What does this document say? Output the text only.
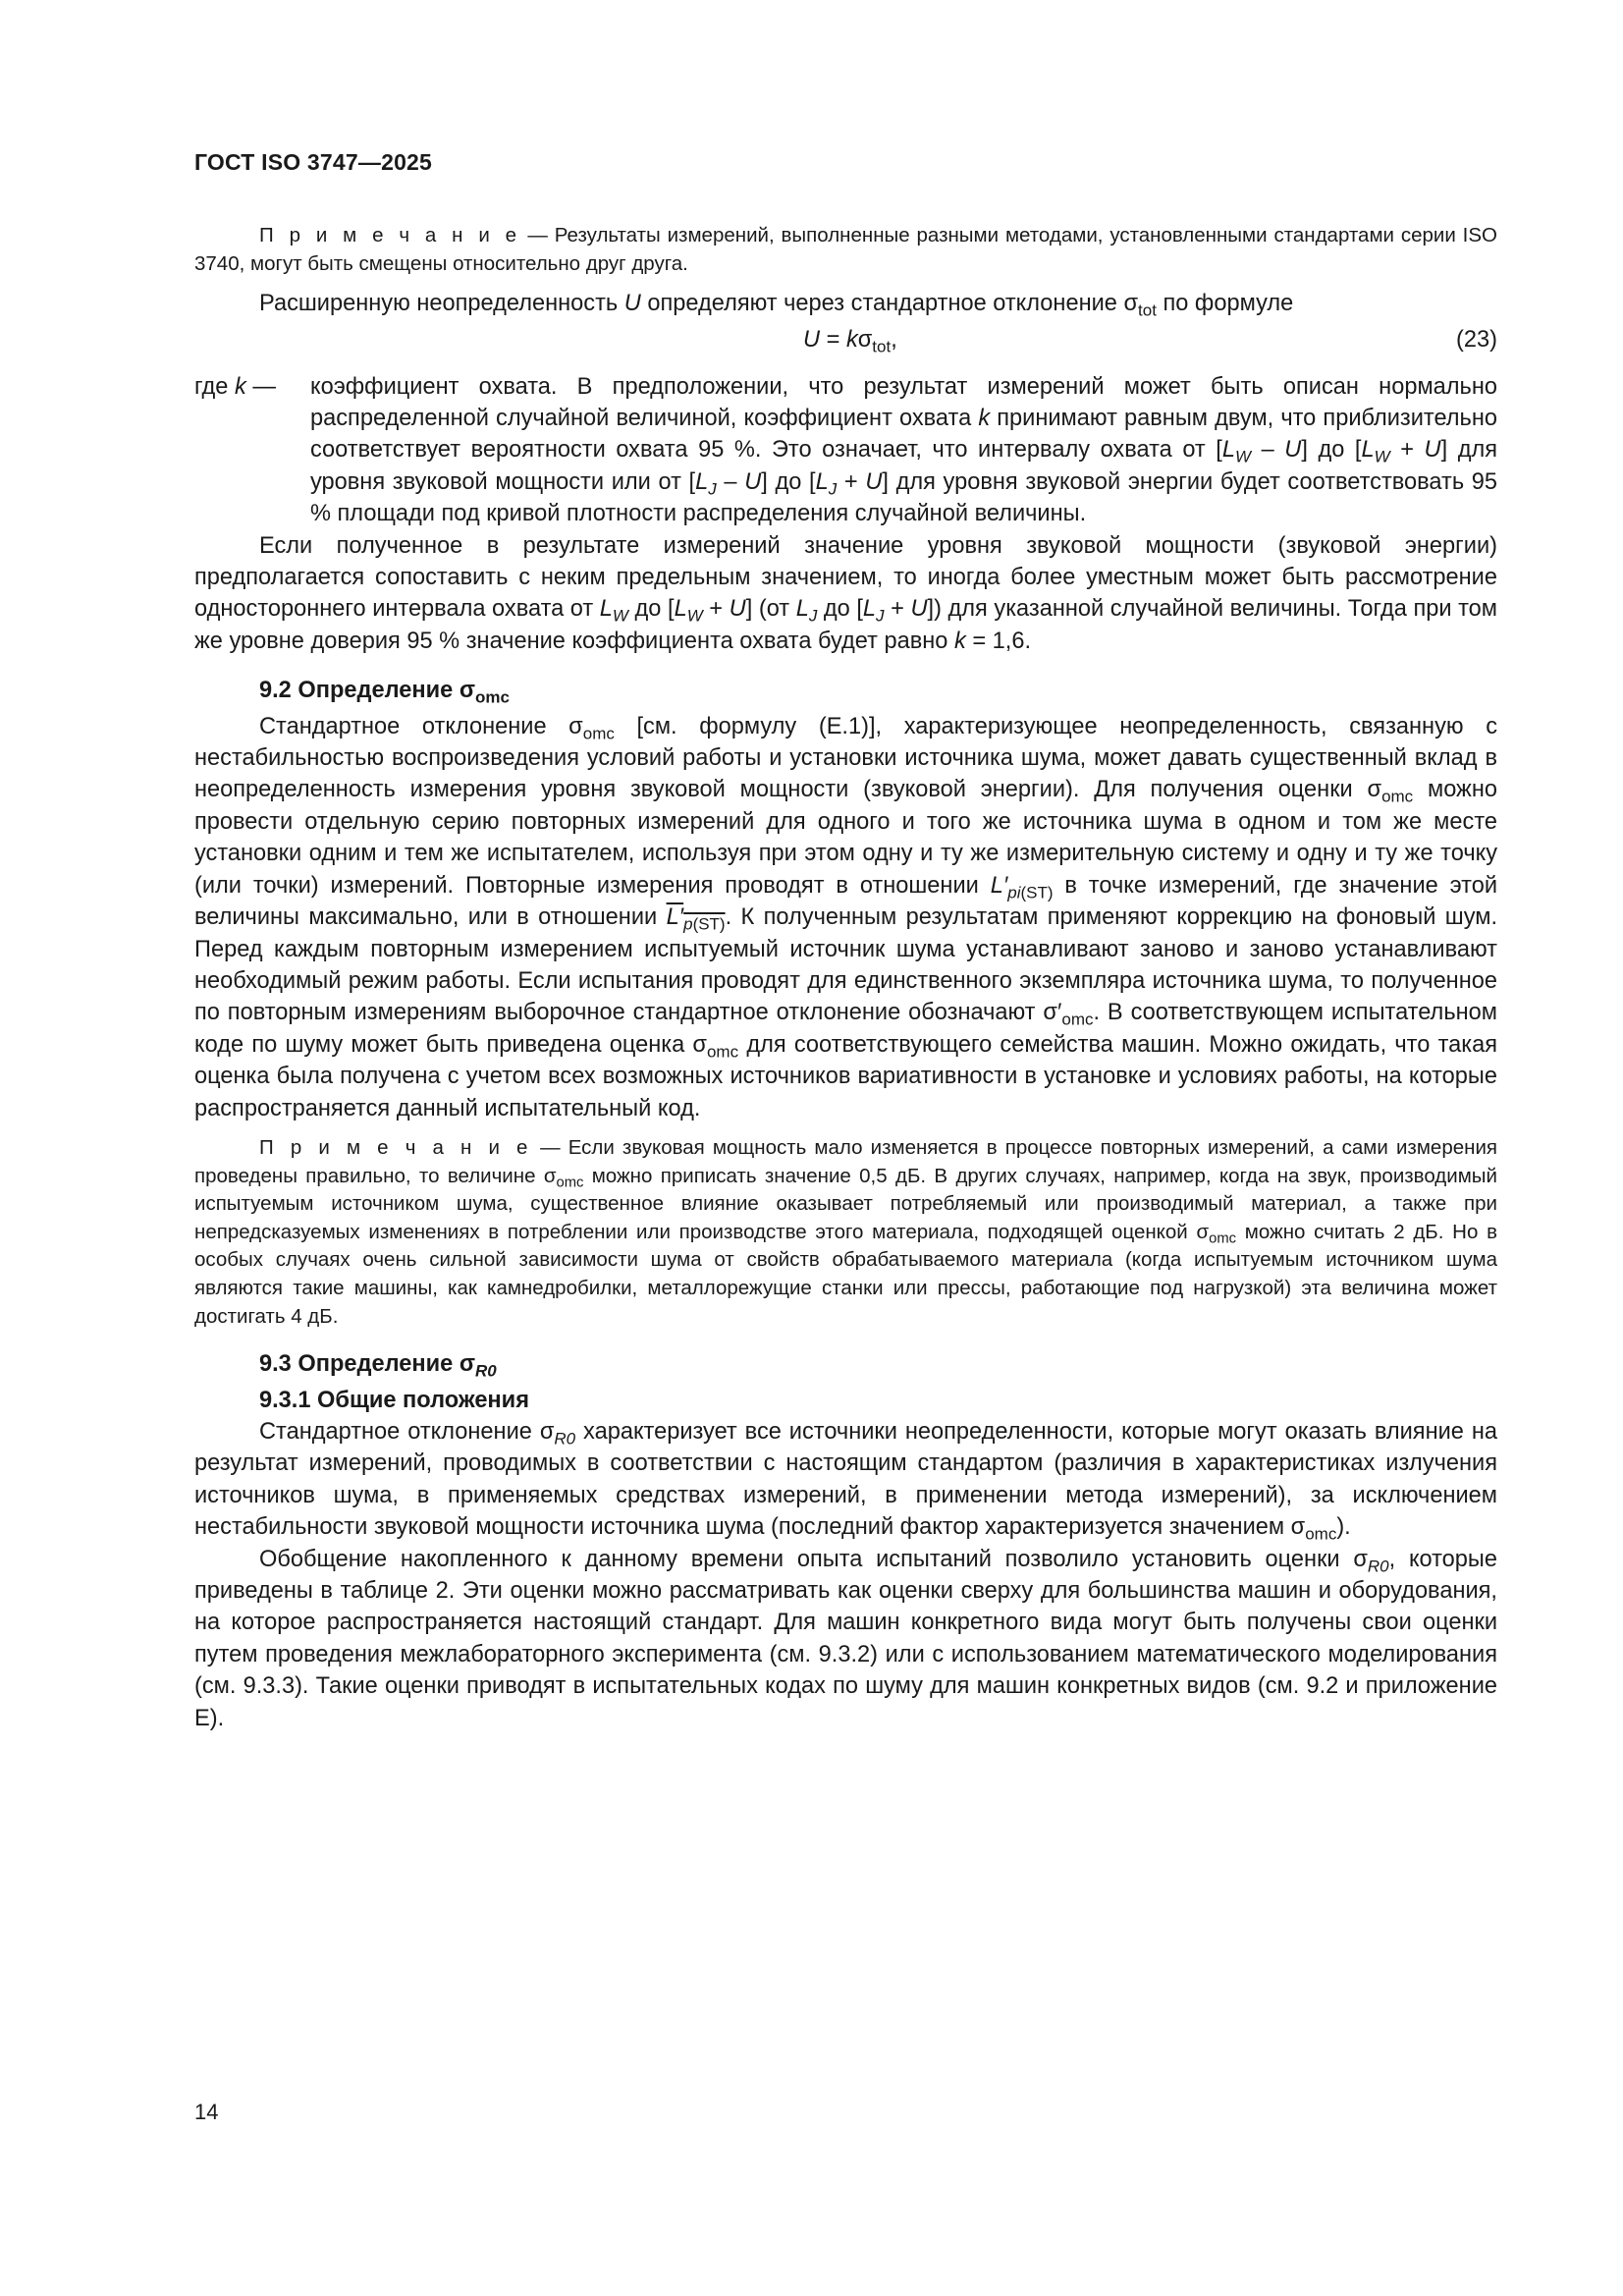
ГОСТ ISO 3747—2025

П р и м е ч а н и е — Результаты измерений, выполненные разными методами, установленными стандартами серии ISO 3740, могут быть смещены относительно друг друга.

Расширенную неопределенность U определяют через стандартное отклонение $\sigma_{tot}$ по формуле

$U = k\sigma_{tot}$,	(23)
где k —	коэффициент охвата. В предположении, что результат измерений может быть описан нормально распределенной случайной величиной, коэффициент охвата k принимают равным двум, что приблизительно соответствует вероятности охвата 95 %. Это означает, что интервалу охвата от $[L_W - U]$ до $[L_W + U]$ для уровня звуковой мощности или от $[L_J - U]$ до $[L_J + U]$ для уровня звуковой энергии будет соответствовать 95 % площади под кривой плотности распределения случайной величины.

Если полученное в результате измерений значение уровня звуковой мощности (звуковой энергии) предполагается сопоставить с неким предельным значением, то иногда более уместным может быть рассмотрение одностороннего интервала охвата от $L_W$ до $[L_W + U]$ (от $L_J$ до $[L_J + U]$) для указанной случайной величины. Тогда при том же уровне доверия 95 % значение коэффициента охвата будет равно k = 1,6.

9.2 Определение $\sigma_{omc}$

Стандартное отклонение $\sigma_{omc}$ [см. формулу (E.1)], характеризующее неопределенность, связанную с нестабильностью воспроизведения условий работы и установки источника шума, может давать существенный вклад в неопределенность измерения уровня звуковой мощности (звуковой энергии). Для получения оценки $\sigma_{omc}$ можно провести отдельную серию повторных измерений для одного и того же источника шума в одном и том же месте установки одним и тем же испытателем, используя при этом одну и ту же измерительную систему и одну и ту же точку (или точки) измерений. Повторные измерения проводят в отношении $L'_{pi(ST)}$ в точке измерений, где значение этой величины максимально, или в отношении $L'_{p(ST)}$. К полученным результатам применяют коррекцию на фоновый шум. Перед каждым повторным измерением испытуемый источник шума устанавливают заново и заново устанавливают необходимый режим работы. Если испытания проводят для единственного экземпляра источника шума, то полученное по повторным измерениям выборочное стандартное отклонение обозначают $\sigma'_{omc}$. В соответствующем испытательном коде по шуму может быть приведена оценка $\sigma_{omc}$ для соответствующего семейства машин. Можно ожидать, что такая оценка была получена с учетом всех возможных источников вариативности в установке и условиях работы, на которые распространяется данный испытательный код.

П р и м е ч а н и е — Если звуковая мощность мало изменяется в процессе повторных измерений, а сами измерения проведены правильно, то величине $\sigma_{omc}$ можно приписать значение 0,5 дБ. В других случаях, например, когда на звук, производимый испытуемым источником шума, существенное влияние оказывает потребляемый или производимый материал, а также при непредсказуемых изменениях в потреблении или производстве этого материала, подходящей оценкой $\sigma_{omc}$ можно считать 2 дБ. Но в особых случаях очень сильной зависимости шума от свойств обрабатываемого материала (когда испытуемым источником шума являются такие машины, как камнедробилки, металлорежущие станки или прессы, работающие под нагрузкой) эта величина может достигать 4 дБ.

9.3 Определение $\sigma_{R0}$
9.3.1 Общие положения

Стандартное отклонение $\sigma_{R0}$ характеризует все источники неопределенности, которые могут оказать влияние на результат измерений, проводимых в соответствии с настоящим стандартом (различия в характеристиках излучения источников шума, в применяемых средствах измерений, в применении метода измерений), за исключением нестабильности звуковой мощности источника шума (последний фактор характеризуется значением $\sigma_{omc}$).

Обобщение накопленного к данному времени опыта испытаний позволило установить оценки $\sigma_{R0}$, которые приведены в таблице 2. Эти оценки можно рассматривать как оценки сверху для большинства машин и оборудования, на которое распространяется настоящий стандарт. Для машин конкретного вида могут быть получены свои оценки путем проведения межлабораторного эксперимента (см. 9.3.2) или с использованием математического моделирования (см. 9.3.3). Такие оценки приводят в испытательных кодах по шуму для машин конкретных видов (см. 9.2 и приложение E).

14
